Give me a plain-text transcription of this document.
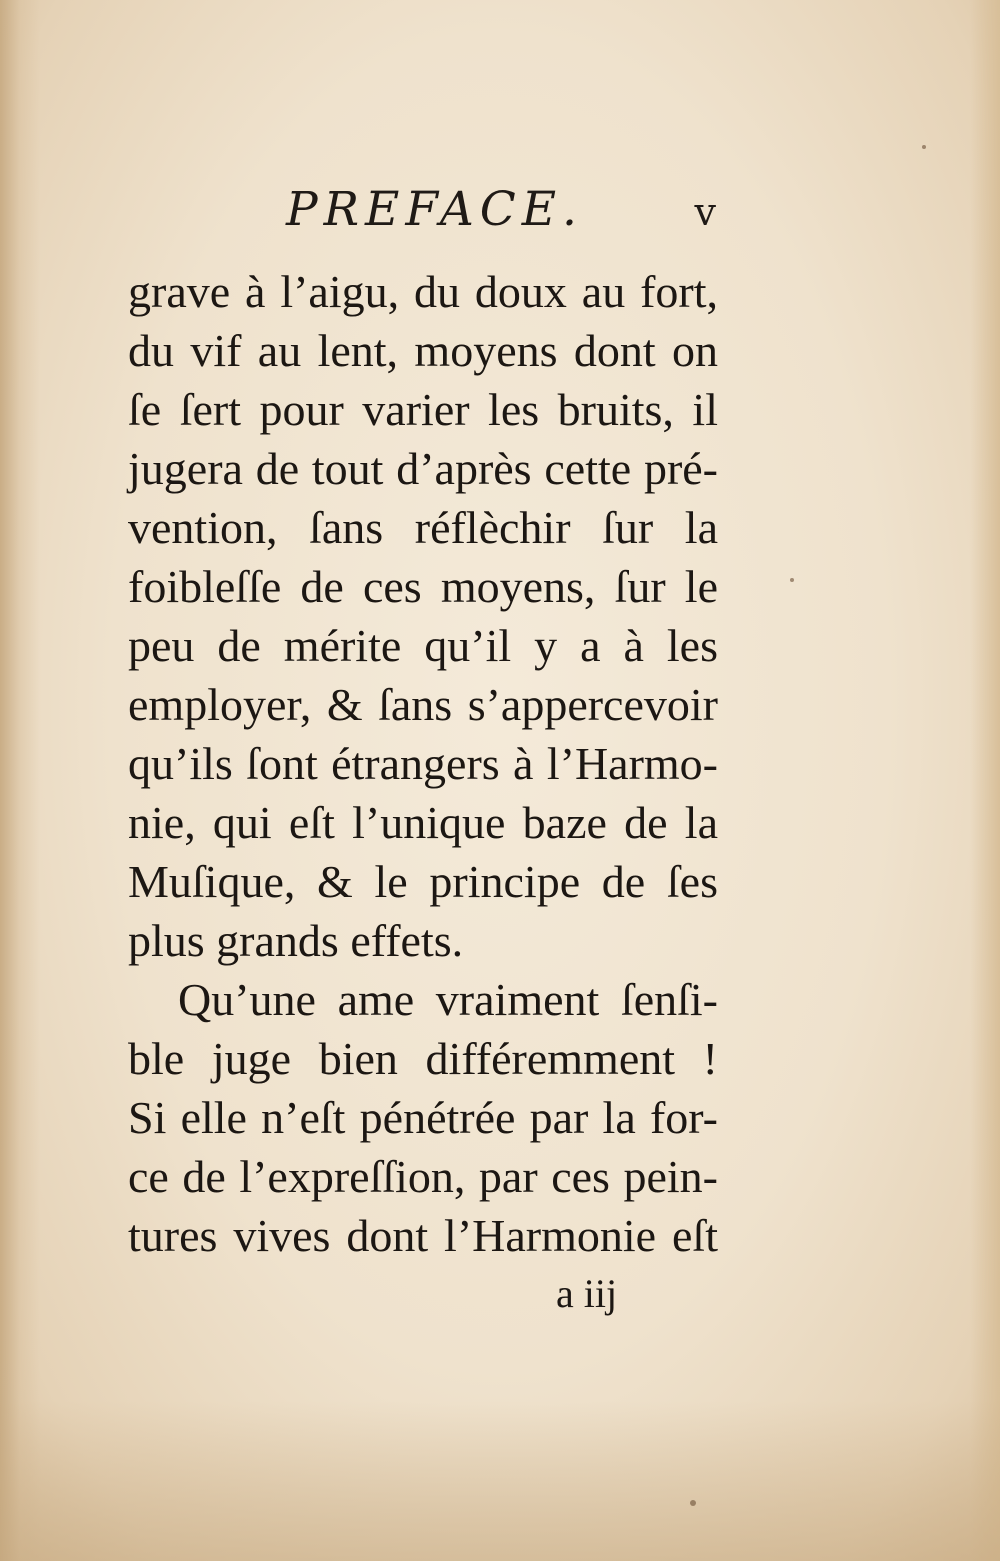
PREFACE.	v
grave à l’aigu, du doux au fort,
du vif au lent, moyens dont on
ſe ſert pour varier les bruits, il
jugera de tout d’après cette pré-
vention, ſans réflèchir ſur la
foibleſſe de ces moyens, ſur le
peu de mérite qu’il y a à les
employer, & ſans s’appercevoir
qu’ils ſont étrangers à l’Harmo-
nie, qui eſt l’unique baze de la
Muſique, & le principe de ſes
plus grands effets.
Qu’une ame vraiment ſenſi-
ble juge bien différemment !
Si elle n’eſt pénétrée par la for-
ce de l’expreſſion, par ces pein-
tures vives dont l’Harmonie eſt
a iij
